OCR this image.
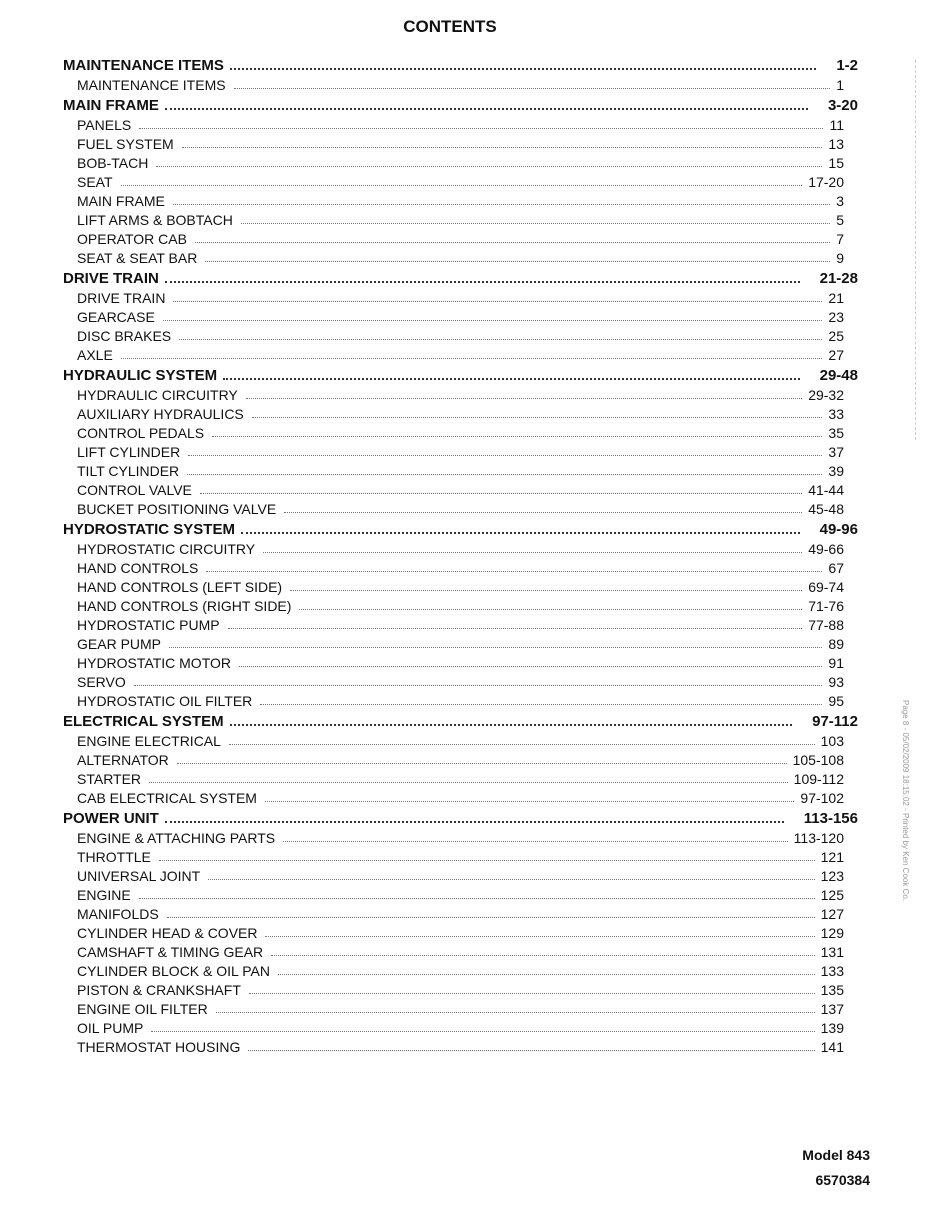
CONTENTS
MAINTENANCE ITEMS	1-2
MAINTENANCE ITEMS	1
MAIN FRAME	3-20
PANELS	11
FUEL SYSTEM	13
BOB-TACH	15
SEAT	17-20
MAIN FRAME	3
LIFT ARMS & BOBTACH	5
OPERATOR CAB	7
SEAT & SEAT BAR	9
DRIVE TRAIN	21-28
DRIVE TRAIN	21
GEARCASE	23
DISC BRAKES	25
AXLE	27
HYDRAULIC SYSTEM	29-48
HYDRAULIC CIRCUITRY	29-32
AUXILIARY HYDRAULICS	33
CONTROL PEDALS	35
LIFT CYLINDER	37
TILT CYLINDER	39
CONTROL VALVE	41-44
BUCKET POSITIONING VALVE	45-48
HYDROSTATIC SYSTEM	49-96
HYDROSTATIC CIRCUITRY	49-66
HAND CONTROLS	67
HAND CONTROLS (LEFT SIDE)	69-74
HAND CONTROLS (RIGHT SIDE)	71-76
HYDROSTATIC PUMP	77-88
GEAR PUMP	89
HYDROSTATIC MOTOR	91
SERVO	93
HYDROSTATIC OIL FILTER	95
ELECTRICAL SYSTEM	97-112
ENGINE ELECTRICAL	103
ALTERNATOR	105-108
STARTER	109-112
CAB ELECTRICAL SYSTEM	97-102
POWER UNIT	113-156
ENGINE & ATTACHING PARTS	113-120
THROTTLE	121
UNIVERSAL JOINT	123
ENGINE	125
MANIFOLDS	127
CYLINDER HEAD & COVER	129
CAMSHAFT & TIMING GEAR	131
CYLINDER BLOCK & OIL PAN	133
PISTON & CRANKSHAFT	135
ENGINE OIL FILTER	137
OIL PUMP	139
THERMOSTAT HOUSING	141
Page 8 - 05/02/2009 18:15:02 - Printed by Ken Cook Co.
Model 843
6570384
